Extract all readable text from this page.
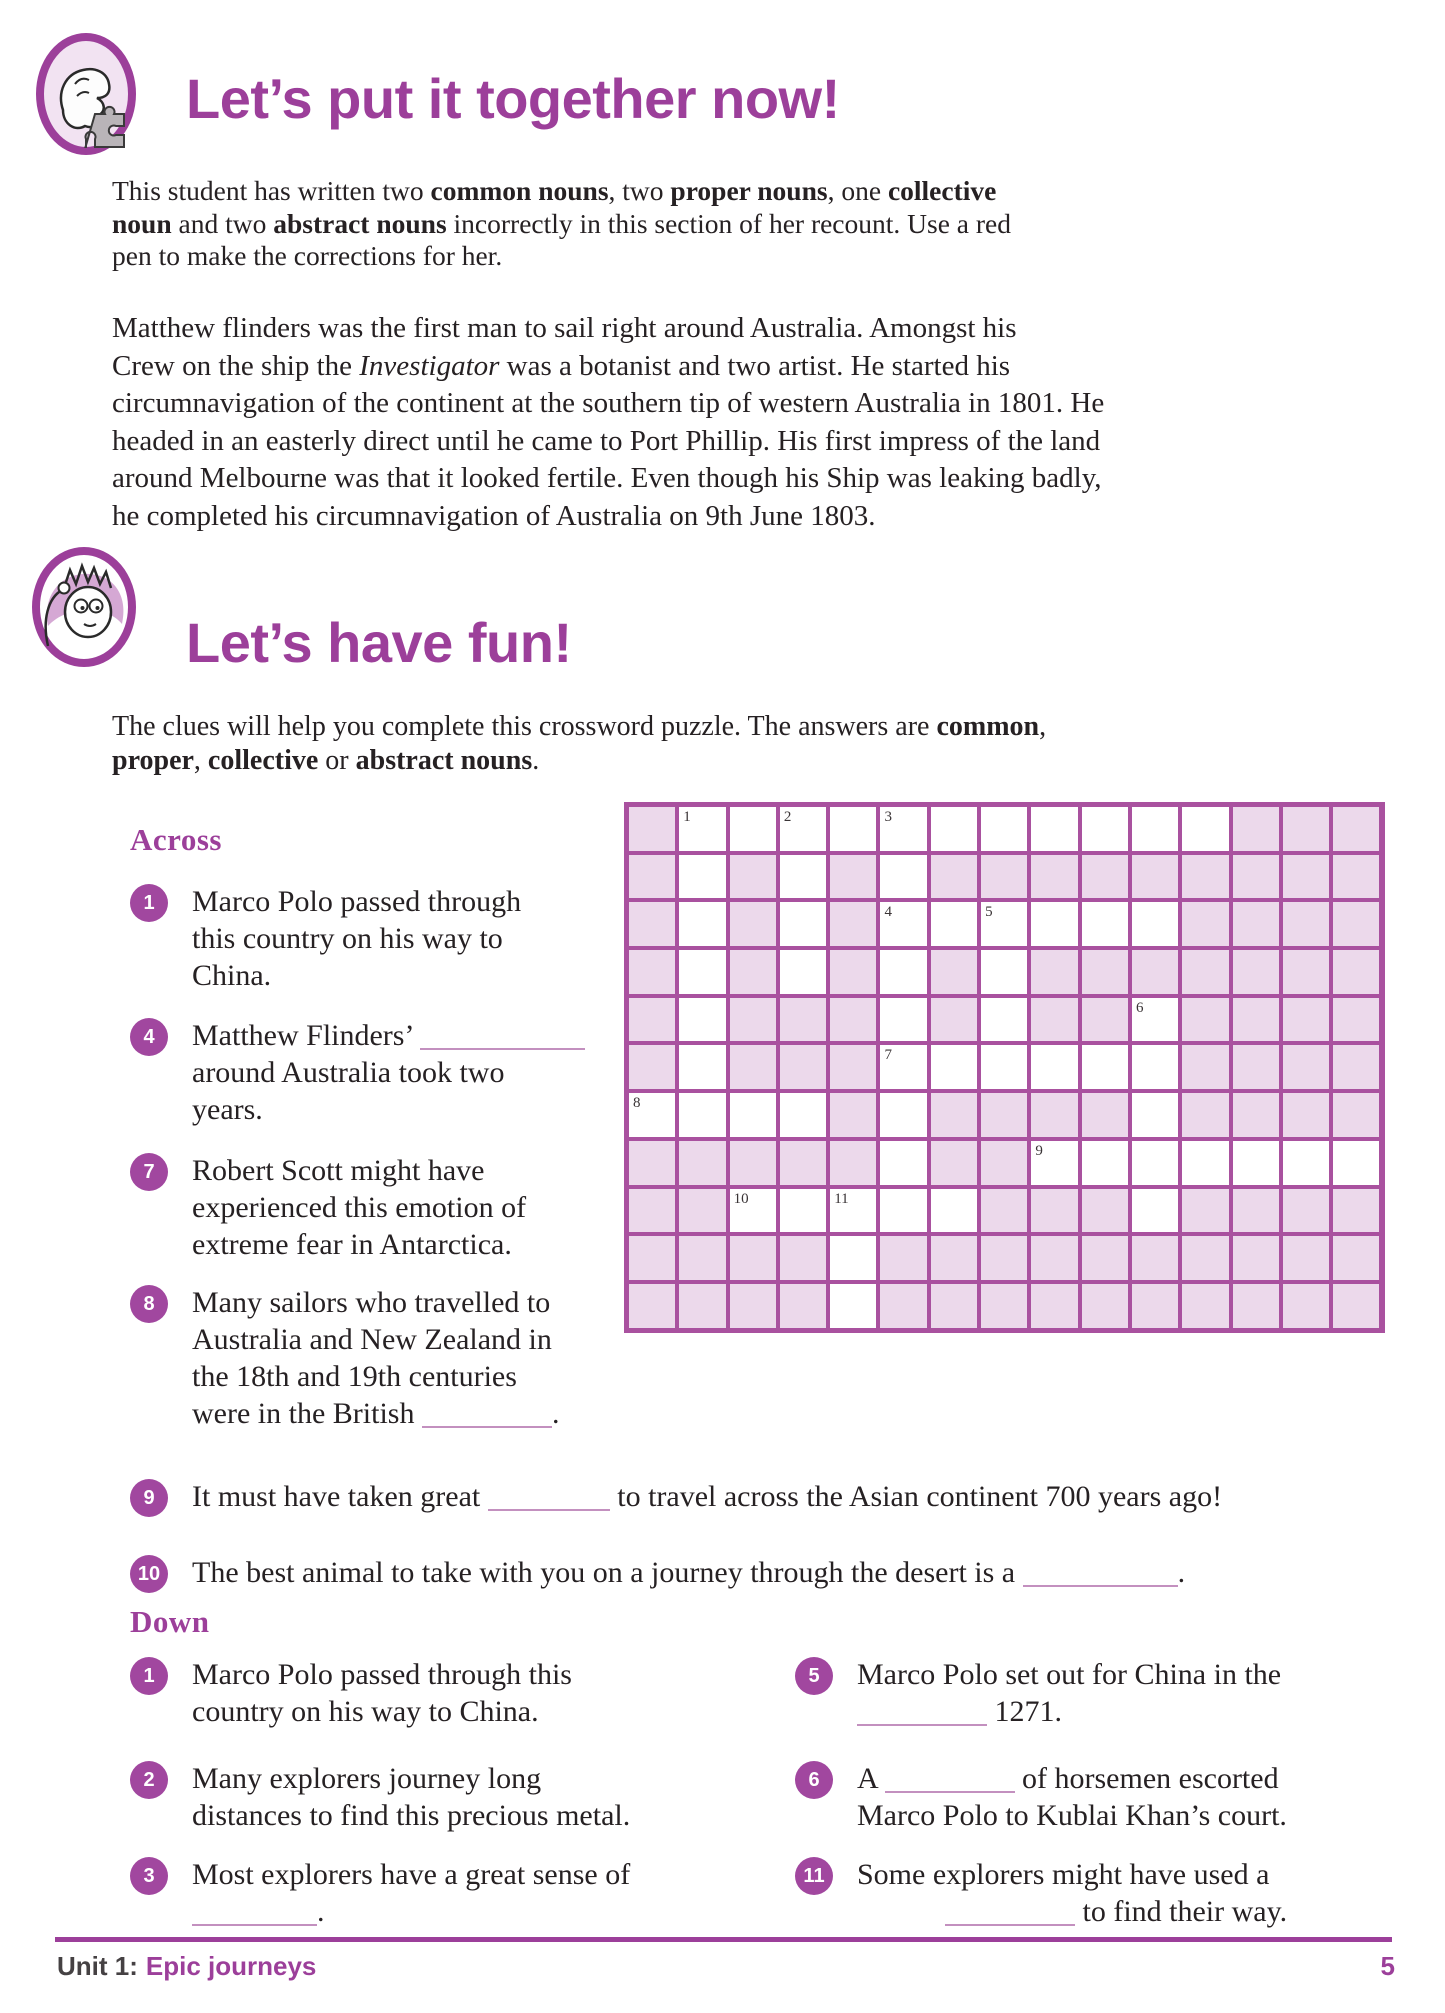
Let’s put it together now!
This student has written two common nouns, two proper nouns, one collective
noun and two abstract nouns incorrectly in this section of her recount. Use a red
pen to make the corrections for her.
Matthew flinders was the first man to sail right around Australia. Amongst his
Crew on the ship the Investigator was a botanist and two artist. He started his
circumnavigation of the continent at the southern tip of western Australia in 1801. He
headed in an easterly direct until he came to Port Phillip. His first impress of the land
around Melbourne was that it looked fertile. Even though his Ship was leaking badly,
he completed his circumnavigation of Australia on 9th June 1803.
Let’s have fun!
The clues will help you complete this crossword puzzle. The answers are common,
proper, collective or abstract nouns.
Across
1	2	3
4	5
6
7
8
9
10	11
1	Marco Polo passed through
this country on his way to
China.
4	Matthew Flinders’
around Australia took two
years.
7	Robert Scott might have
experienced this emotion of
extreme fear in Antarctica.
8	Many sailors who travelled to
Australia and New Zealand in
the 18th and 19th centuries
were in the British	.
9	It must have taken great	to travel across the Asian continent 700 years ago!
10 The best animal to take with you on a journey through the desert is a	.
Down
1	Marco Polo passed through this
country on his way to China.
2	Many explorers journey long
distances to find this precious metal.
3	Most explorers have a great sense of
.
5	Marco Polo set out for China in the
1271.
6	A	of horsemen escorted
Marco Polo to Kublai Khan’s court.
11 Some explorers might have used a
to find their way.
Unit 1: Epic journeys	5
